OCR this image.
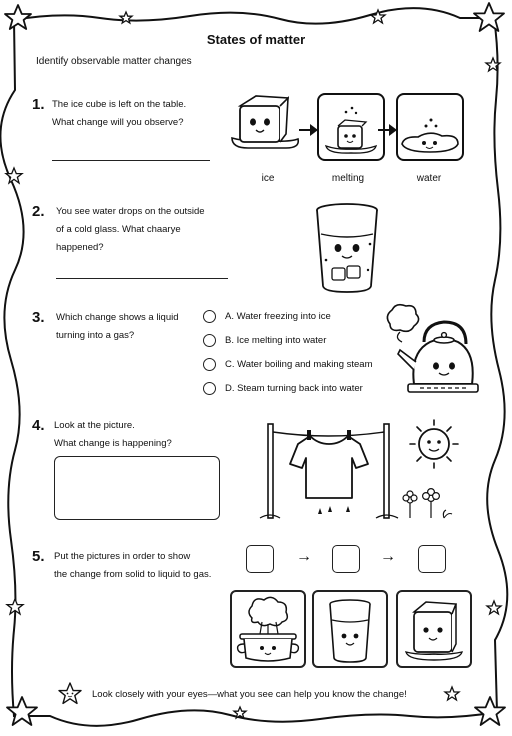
States of matter
Identify observable matter changes
1. The ice cube is left on the table.
What change will you observe?
ice	melting	water
2. You see water drops on the outside
of a cold glass. What chaarye
happened?
3. Which change shows a liquid
turning into a gas?
A. Water freezing into ice
B. Ice melting into water
C. Water boiling and making steam
D. Steam turning back into water
4. Look at the picture.
What change is happening?
5. Put the pictures in order to show
the change from solid to liquid to gas.
→	→
Look closely with your eyes—what you see can help you know the change!
